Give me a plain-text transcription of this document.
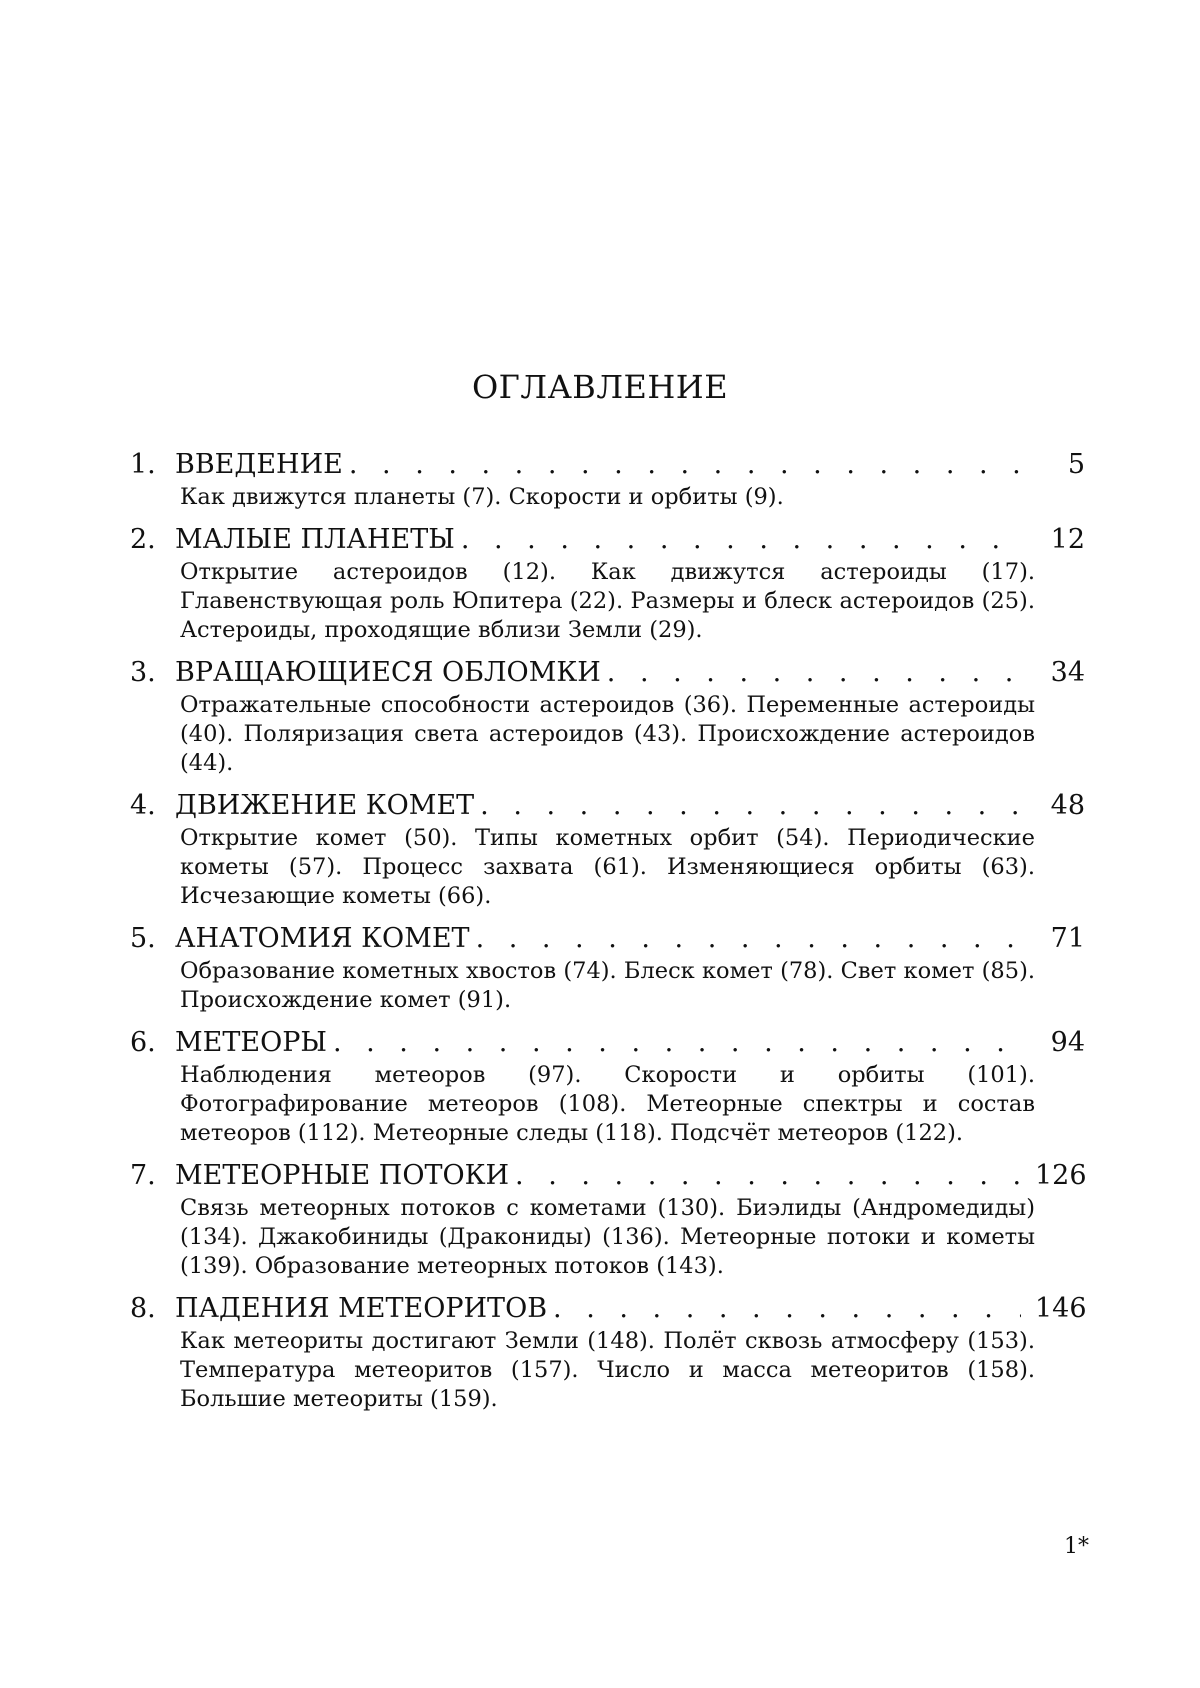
ОГЛАВЛЕНИЕ
1. ВВЕДЕНИЕ . . .	5
Как движутся планеты (7). Скорости и орбиты (9).
2. МАЛЫЕ ПЛАНЕТЫ . . .	12
Открытие астероидов (12). Как движутся астероиды (17). Главенствующая роль Юпитера (22). Размеры и блеск астероидов (25). Астероиды, проходящие вблизи Земли (29).
3. ВРАЩАЮЩИЕСЯ ОБЛОМКИ . . .	34
Отражательные способности астероидов (36). Переменные астероиды (40). Поляризация света астероидов (43). Происхождение астероидов (44).
4. ДВИЖЕНИЕ КОМЕТ . . .	48
Открытие комет (50). Типы кометных орбит (54). Периодические кометы (57). Процесс захвата (61). Изменяющиеся орбиты (63). Исчезающие кометы (66).
5. АНАТОМИЯ КОМЕТ . . .	71
Образование кометных хвостов (74). Блеск комет (78). Свет комет (85). Происхождение комет (91).
6. МЕТЕОРЫ . . .	94
Наблюдения метеоров (97). Скорости и орбиты (101). Фотографирование метеоров (108). Метеорные спектры и состав метеоров (112). Метеорные следы (118). Подсчёт метеоров (122).
7. МЕТЕОРНЫЕ ПОТОКИ . . .	126
Связь метеорных потоков с кометами (130). Биэлиды (Андромедиды) (134). Джакобиниды (Дракониды) (136). Метеорные потоки и кометы (139). Образование метеорных потоков (143).
8. ПАДЕНИЯ МЕТЕОРИТОВ . . .	146
Как метеориты достигают Земли (148). Полёт сквозь атмосферу (153). Температура метеоритов (157). Число и масса метеоритов (158). Большие метеориты (159).
1*
